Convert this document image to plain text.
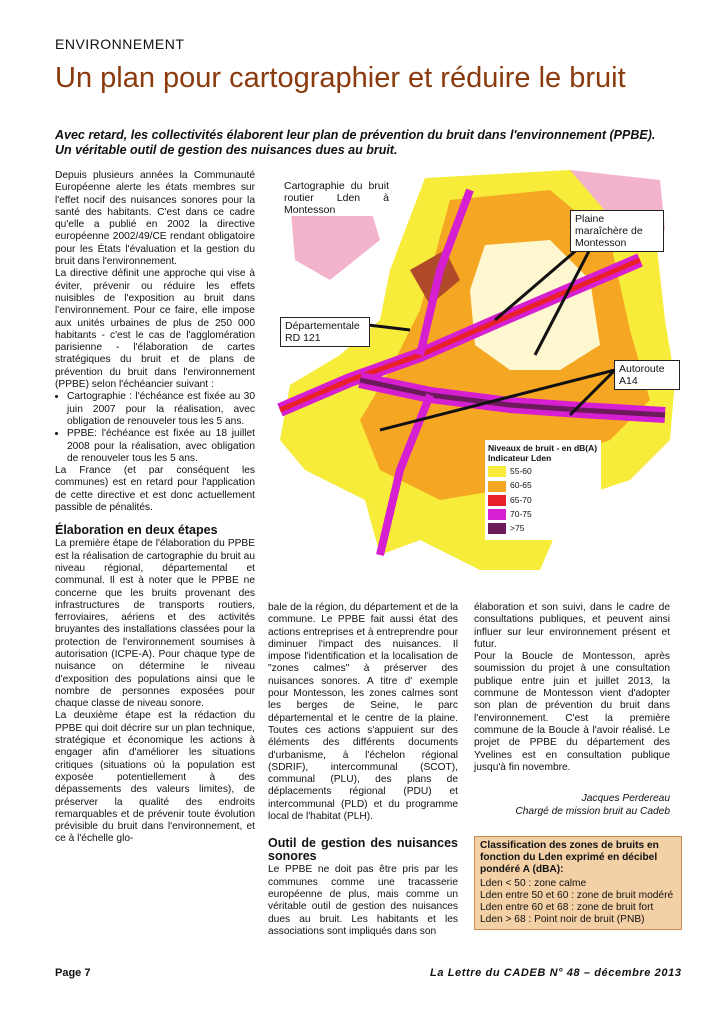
ENVIRONNEMENT
Un plan pour cartographier et réduire le bruit
Avec retard, les collectivités élaborent leur plan de prévention du bruit dans l'environnement (PPBE). Un véritable outil de gestion des nuisances dues au bruit.
Cartographie du bruit routier Lden à Montesson
Plaine maraîchère de Montesson
Départementale RD 121
Autoroute A14
Niveaux de bruit - en dB(A) Indicateur Lden
55-60
60-65
65-70
70-75
>75

Depuis plusieurs années la Communauté Européenne alerte les états membres sur l'effet nocif des nuisances sonores pour la santé des habitants. C'est dans ce cadre qu'elle a publié en 2002 la directive européenne 2002/49/CE rendant obligatoire pour les États l'évaluation et la gestion du bruit dans l'environnement.

La directive définit une approche qui vise à éviter, prévenir ou réduire les effets nuisibles de l'exposition au bruit dans l'environnement. Pour ce faire, elle impose aux unités urbaines de plus de 250 000 habitants - c'est le cas de l'agglomération parisienne - l'élaboration de cartes stratégiques du bruit et de plans de prévention du bruit dans l'environnement (PPBE) selon l'échéancier suivant :

• Cartographie : l'échéance est fixée au 30 juin 2007 pour la réalisation, avec obligation de renouveler tous les 5 ans.
• PPBE: l'échéance est fixée au 18 juillet 2008 pour la réalisation, avec obligation de renouveler tous les 5 ans.

La France (et par conséquent les communes) est en retard pour l'application de cette directive et est donc actuellement passible de pénalités.

Élaboration en deux étapes

La première étape de l'élaboration du PPBE est la réalisation de cartographie du bruit au niveau régional, départemental et communal. Il est à noter que le PPBE ne concerne que les bruits provenant des infrastructures de transports routiers, ferroviaires, aériens et des activités bruyantes des installations classées pour la protection de l'environnement soumises à autorisation (ICPE-A). Pour chaque type de nuisance on détermine le niveau d'exposition des populations ainsi que le nombre de personnes exposées pour chaque classe de niveau sonore.

La deuxième étape est la rédaction du PPBE qui doit décrire sur un plan technique, stratégique et économique les actions à engager afin d'améliorer les situations critiques (situations où la population est exposée potentiellement à des dépassements des valeurs limites), de préserver la qualité des endroits remarquables et de prévenir toute évolution prévisible du bruit dans l'environnement, et ce à l'échelle glo-

bale de la région, du département et de la commune. Le PPBE fait aussi état des actions entreprises et à entreprendre pour diminuer l'impact des nuisances. Il impose l'identification et la localisation de "zones calmes" à préserver des nuisances sonores. A titre d' exemple pour Montesson, les zones calmes sont les berges de Seine, le parc départemental et le centre de la plaine. Toutes ces actions s'appuient sur des éléments des différents documents d'urbanisme, à l'échelon régional (SDRIF), intercommunal (SCOT), communal (PLU), des plans de déplacements régional (PDU) et intercommunal (PLD) et du programme local de l'habitat (PLH).

Outil de gestion des nuisances sonores

Le PPBE ne doit pas être pris par les communes comme une tracasserie européenne de plus, mais comme un véritable outil de gestion des nuisances dues au bruit. Les habitants et les associations sont impliqués dans son

élaboration et son suivi, dans le cadre de consultations publiques, et peuvent ainsi influer sur leur environnement présent et futur.

Pour la Boucle de Montesson, après soumission du projet à une consultation publique entre juin et juillet 2013, la commune de Montesson vient d'adopter son plan de prévention du bruit dans l'environnement. C'est la première commune de la Boucle à l'avoir réalisé. Le projet de PPBE du département des Yvelines est en consultation publique jusqu'à fin novembre.

Jacques Perdereau
Chargé de mission bruit au Cadeb
Classification des zones de bruits en fonction du Lden exprimé en décibel pondéré A (dBA):
Lden < 50 : zone calme
Lden entre 50 et 60 : zone de bruit modéré
Lden entre 60 et 68 : zone de bruit fort
Lden > 68 : Point noir de bruit (PNB)
Page 7	La Lettre du CADEB N° 48 – décembre 2013
